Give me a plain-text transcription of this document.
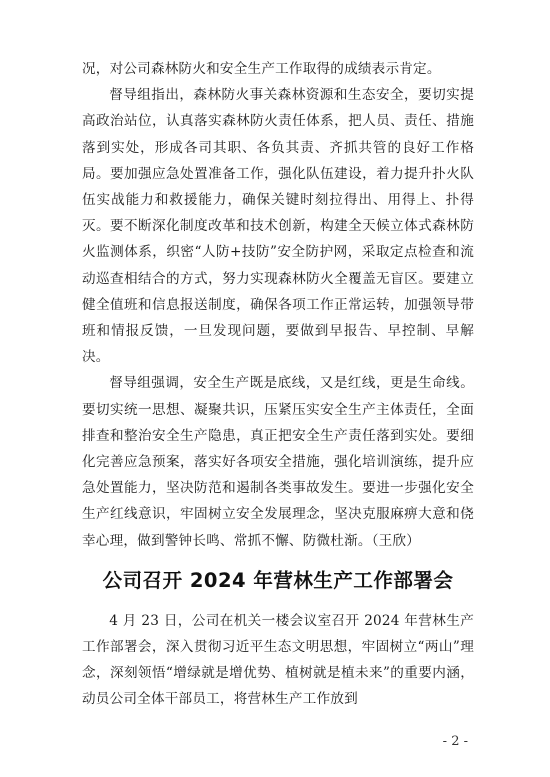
况，对公司森林防火和安全生产工作取得的成绩表示肯定。

督导组指出，森林防火事关森林资源和生态安全，要切实提高政治站位，认真落实森林防火责任体系，把人员、责任、措施落到实处，形成各司其职、各负其责、齐抓共管的良好工作格局。要加强应急处置准备工作，强化队伍建设，着力提升扑火队伍实战能力和救援能力，确保关键时刻拉得出、用得上、扑得灭。要不断深化制度改革和技术创新，构建全天候立体式森林防火监测体系，织密“人防+技防”安全防护网，采取定点检查和流动巡查相结合的方式，努力实现森林防火全覆盖无盲区。要建立健全值班和信息报送制度，确保各项工作正常运转，加强领导带班和情报反馈，一旦发现问题，要做到早报告、早控制、早解决。

督导组强调，安全生产既是底线，又是红线，更是生命线。要切实统一思想、凝聚共识，压紧压实安全生产主体责任，全面排查和整治安全生产隐患，真正把安全生产责任落到实处。要细化完善应急预案，落实好各项安全措施，强化培训演练，提升应急处置能力，坚决防范和遏制各类事故发生。要进一步强化安全生产红线意识，牢固树立安全发展理念，坚决克服麻痹大意和侥幸心理，做到警钟长鸣、常抓不懈、防微杜渐。（王欣）

公司召开 2024 年营林生产工作部署会

4 月 23 日，公司在机关一楼会议室召开 2024 年营林生产工作部署会，深入贯彻习近平生态文明思想，牢固树立“两山”理念，深刻领悟“增绿就是增优势、植树就是植未来”的重要内涵，动员公司全体干部员工，将营林生产工作放到

- 2 -
